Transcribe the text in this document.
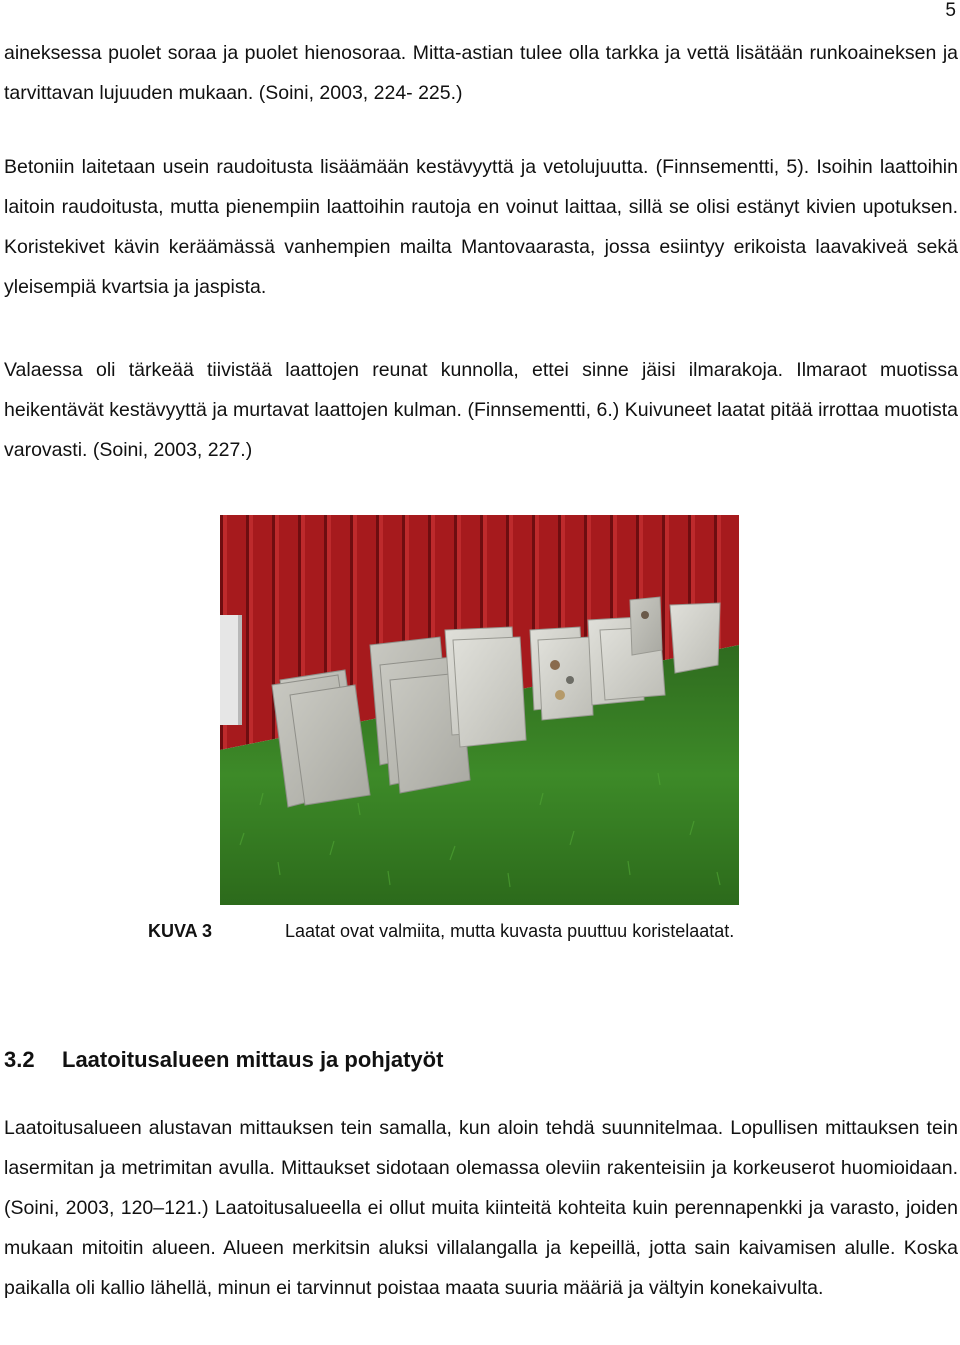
5

aineksessa puolet soraa ja puolet hienosoraa. Mitta-astian tulee olla tarkka ja vettä lisätään runkoaineksen ja tarvittavan lujuuden mukaan. (Soini, 2003, 224- 225.)

Betoniin laitetaan usein raudoitusta lisäämään kestävyyttä ja vetolujuutta. (Finnsementti, 5). Isoihin laattoihin laitoin raudoitusta, mutta pienempiin laattoihin rautoja en voinut laittaa, sillä se olisi estänyt kivien upotuksen. Koristekivet kävin keräämässä vanhempien mailta Mantovaarasta, jossa esiintyy erikoista laavakiveä sekä yleisempiä kvartsia ja jaspista.

Valaessa oli tärkeää tiivistää laattojen reunat kunnolla, ettei sinne jäisi ilmarakoja. Ilmaraot muotissa heikentävät kestävyyttä ja murtavat laattojen kulman. (Finnsementti, 6.) Kuivuneet laatat pitää irrottaa muotista varovasti. (Soini, 2003, 227.)

KUVA 3	Laatat ovat valmiita, mutta kuvasta puuttuu koristelaatat.
3.2 Laatoitusalueen mittaus ja pohjatyöt

Laatoitusalueen alustavan mittauksen tein samalla, kun aloin tehdä suunnitelmaa. Lopullisen mittauksen tein lasermitan ja metrimitan avulla. Mittaukset sidotaan olemassa oleviin rakenteisiin ja korkeuserot huomioidaan. (Soini, 2003, 120–121.) Laatoitusalueella ei ollut muita kiinteitä kohteita kuin perennapenkki ja varasto, joiden mukaan mitoitin alueen. Alueen merkitsin aluksi villalangalla ja kepeillä, jotta sain kaivamisen alulle. Koska paikalla oli kallio lähellä, minun ei tarvinnut poistaa maata suuria määriä ja vältyin konekaivulta.
